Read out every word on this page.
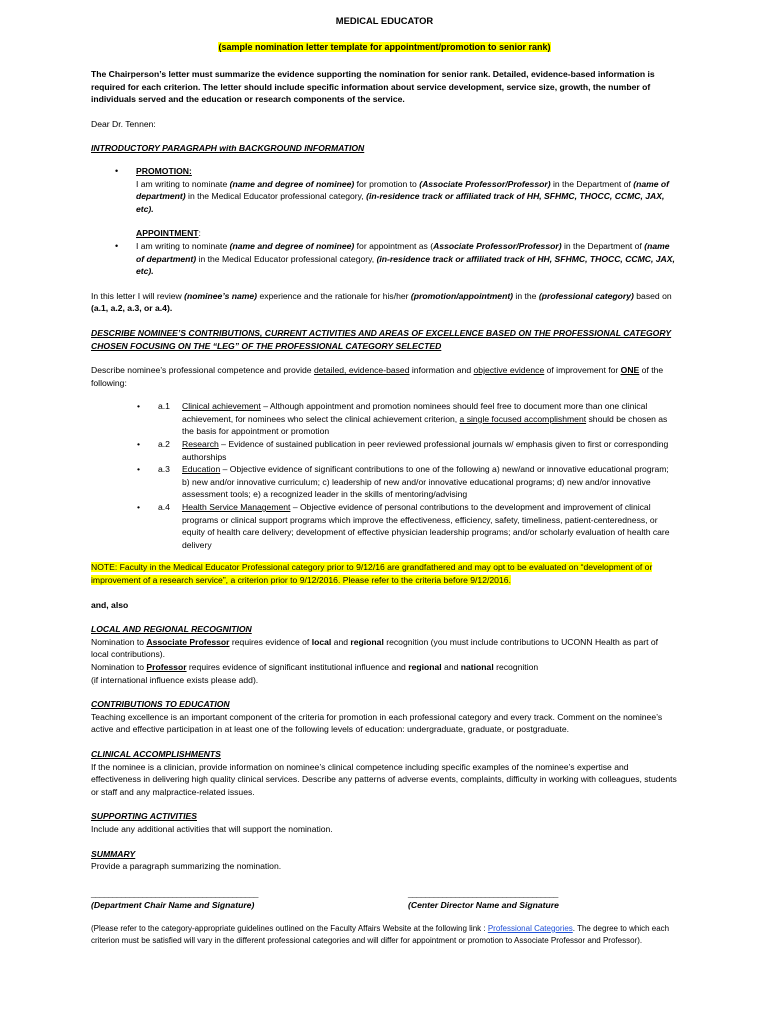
MEDICAL EDUCATOR

(sample nomination letter template for appointment/promotion to senior rank)

The Chairperson’s letter must summarize the evidence supporting the nomination for senior rank. Detailed, evidence-based information is required for each criterion. The letter should include specific information about service development, service size, growth, the number of individuals served and the education or research components of the service.

Dear Dr. Tennen:

INTRODUCTORY PARAGRAPH with BACKGROUND INFORMATION

• PROMOTION:
I am writing to nominate (name and degree of nominee) for promotion to (Associate Professor/Professor) in the Department of (name of department) in the Medical Educator professional category, (in-residence track or affiliated track of HH, SFHMC, THOCC, CCMC, JAX, etc).
•
APPOINTMENT:
I am writing to nominate (name and degree of nominee) for appointment as (Associate Professor/Professor) in the Department of (name of department) in the Medical Educator professional category, (in-residence track or affiliated track of HH, SFHMC, THOCC, CCMC, JAX, etc).

In this letter I will review (nominee’s name) experience and the rationale for his/her (promotion/appointment) in the (professional category) based on (a.1, a.2, a.3, or a.4).

DESCRIBE NOMINEE’S CONTRIBUTIONS, CURRENT ACTIVITIES AND AREAS OF EXCELLENCE BASED ON THE PROFESSIONAL CATEGORY CHOSEN FOCUSING ON THE “LEG” OF THE PROFESSIONAL CATEGORY SELECTED

Describe nominee’s professional competence and provide detailed, evidence-based information and objective evidence of improvement for ONE of the following:

• a.1 Clinical achievement – Although appointment and promotion nominees should feel free to document more than one clinical achievement, for nominees who select the clinical achievement criterion, a single focused accomplishment should be chosen as the basis for appointment or promotion
• a.2 Research – Evidence of sustained publication in peer reviewed professional journals w/ emphasis given to first or corresponding authorships
• a.3 Education – Objective evidence of significant contributions to one of the following a) new/and or innovative educational program; b) new and/or innovative curriculum; c) leadership of new and/or innovative educational programs; d) new and/or innovative assessment tools; e) a recognized leader in the skills of mentoring/advising
• a.4 Health Service Management – Objective evidence of personal contributions to the development and improvement of clinical programs or clinical support programs which improve the effectiveness, efficiency, safety, timeliness, patient-centeredness, or equity of health care delivery; development of effective physician leadership programs; and/or scholarly evaluation of health care delivery

NOTE: Faculty in the Medical Educator Professional category prior to 9/12/16 are grandfathered and may opt to be evaluated on “development of or improvement of a research service”, a criterion prior to 9/12/2016. Please refer to the criteria before 9/12/2016.

and, also

LOCAL AND REGIONAL RECOGNITION

Nomination to Associate Professor requires evidence of local and regional recognition (you must include contributions to UCONN Health as part of local contributions).

Nomination to Professor requires evidence of significant institutional influence and regional and national recognition

(if international influence exists please add).

CONTRIBUTIONS TO EDUCATION

Teaching excellence is an important component of the criteria for promotion in each professional category and every track. Comment on the nominee’s active and effective participation in at least one of the following levels of education: undergraduate, graduate, or postgraduate.

CLINICAL ACCOMPLISHMENTS

If the nominee is a clinician, provide information on nominee’s clinical competence including specific examples of the nominee’s expertise and effectiveness in delivering high quality clinical services. Describe any patterns of adverse events, complaints, difficulty in working with colleagues, students or staff and any malpractice-related issues.

SUPPORTING ACTIVITIES

Include any additional activities that will support the nomination.

SUMMARY

Provide a paragraph summarizing the nomination.

_______________________________________
(Department Chair Name and Signature)
___________________________________
(Center Director Name and Signature

(Please refer to the category-appropriate guidelines outlined on the Faculty Affairs Website at the following link : Professional Categories. The degree to which each criterion must be satisfied will vary in the different professional categories and will differ for appointment or promotion to Associate Professor and Professor).
